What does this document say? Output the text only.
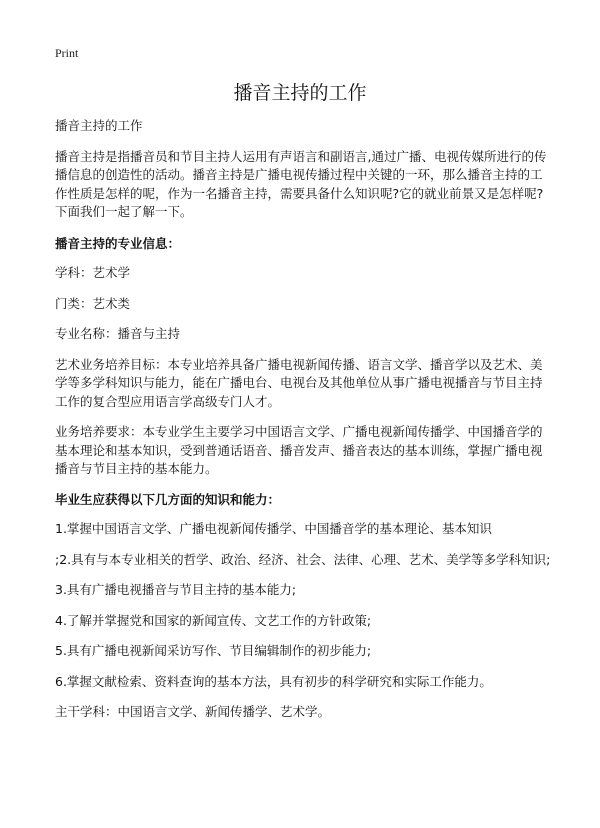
Print
播音主持的工作

播音主持的工作

播音主持是指播音员和节目主持人运用有声语言和副语言,通过广播、电视传媒所进行的传播信息的创造性的活动。播音主持是广播电视传播过程中关键的一环，那么播音主持的工作性质是怎样的呢，作为一名播音主持，需要具备什么知识呢?它的就业前景又是怎样呢?下面我们一起了解一下。

播音主持的专业信息：

学科：艺术学

门类：艺术类

专业名称：播音与主持

艺术业务培养目标：本专业培养具备广播电视新闻传播、语言文学、播音学以及艺术、美学等多学科知识与能力，能在广播电台、电视台及其他单位从事广播电视播音与节目主持工作的复合型应用语言学高级专门人才。

业务培养要求：本专业学生主要学习中国语言文学、广播电视新闻传播学、中国播音学的基本理论和基本知识，受到普通话语音、播音发声、播音表达的基本训练，掌握广播电视播音与节目主持的基本能力。

毕业生应获得以下几方面的知识和能力：

1.掌握中国语言文学、广播电视新闻传播学、中国播音学的基本理论、基本知识

;2.具有与本专业相关的哲学、政治、经济、社会、法律、心理、艺术、美学等多学科知识;

3.具有广播电视播音与节目主持的基本能力;

4.了解并掌握党和国家的新闻宣传、文艺工作的方针政策;

5.具有广播电视新闻采访写作、节目编辑制作的初步能力;

6.掌握文献检索、资料查询的基本方法，具有初步的科学研究和实际工作能力。

主干学科：中国语言文学、新闻传播学、艺术学。
